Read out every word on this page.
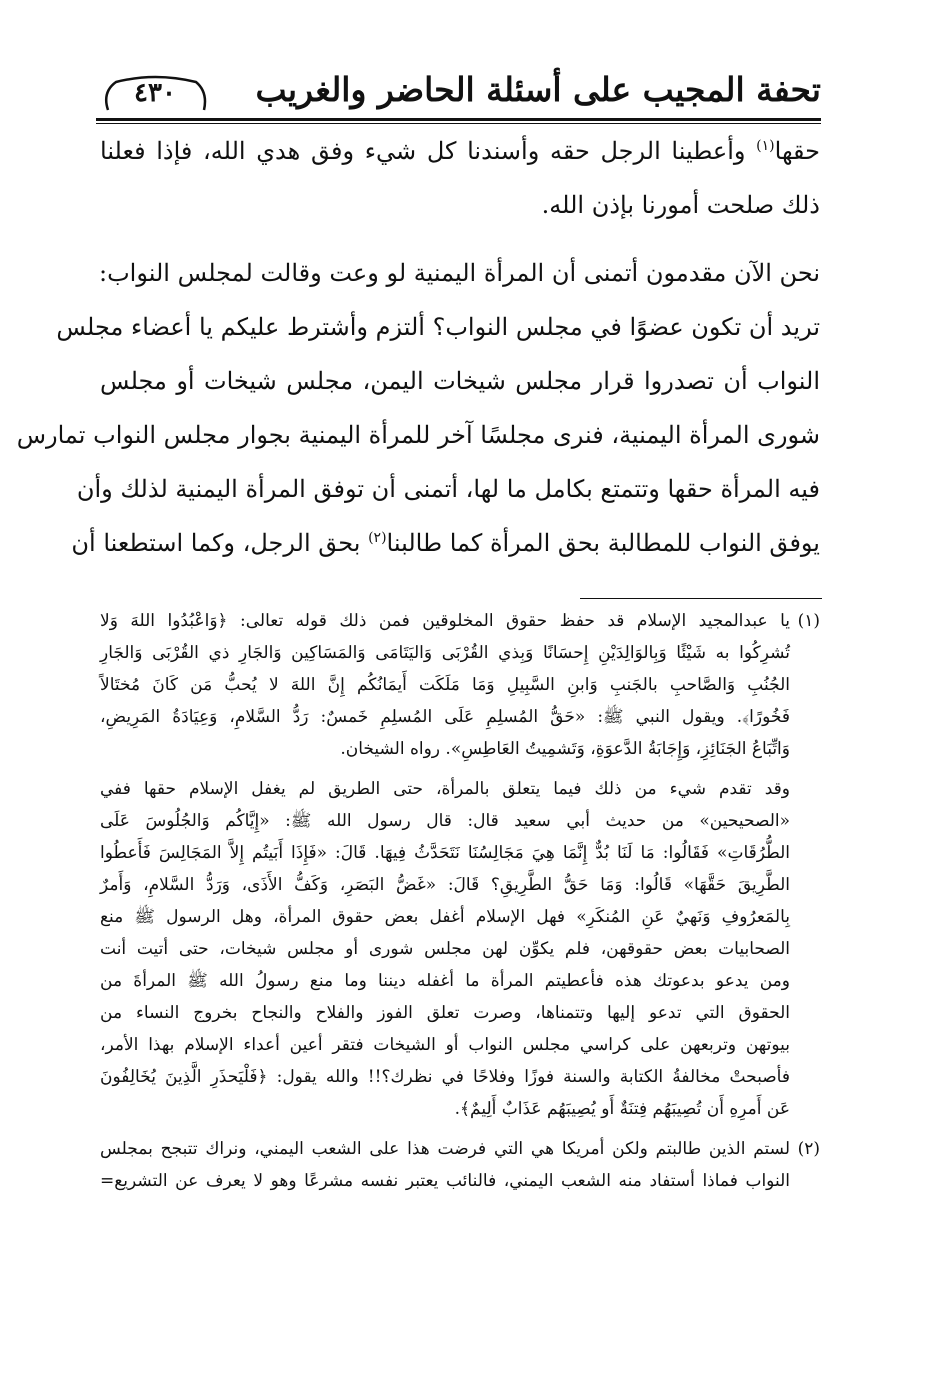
تحفة المجيب على أسئلة الحاضر والغريب
٤٣٠
حقها$^{(١)}$ وأعطينا الرجل حقه وأسندنا كل شيء وفق هدي الله، فإذا فعلنا
ذلك صلحت أمورنا بإذن الله.
نحن الآن مقدمون أتمنى أن المرأة اليمنية لو وعت وقالت لمجلس النواب:
تريد أن تكون عضوًا في مجلس النواب؟ ألتزم وأشترط عليكم يا أعضاء مجلس
النواب أن تصدروا قرار مجلس شيخات اليمن، مجلس شيخات أو مجلس
شورى المرأة اليمنية، فنرى مجلسًا آخر للمرأة اليمنية بجوار مجلس النواب تمارس
فيه المرأة حقها وتتمتع بكامل ما لها، أتمنى أن توفق المرأة اليمنية لذلك وأن
يوفق النواب للمطالبة بحق المرأة كما طالبنا$^{(٢)}$ بحق الرجل، وكما استطعنا أن
(١)
يا عبدالمجيد الإسلام قد حفظ حقوق المخلوقين فمن ذلك قوله تعالى: ﴿وَاعْبُدُوا اللهَ وَلا
تُشرِكُوا به شَيْئًا وَبِالوَالِدَيْنِ إِحسَانًا وَبِذي القُرْبَى وَاليَتَامَى وَالمَسَاكِين وَالجَارِ ذي القُرْبَى وَالجَارِ
الجُنُبِ وَالصَّاحبِ بالجَنبِ وَابنِ السَّبِيلِ وَمَا مَلَكَت أَيمَانُكُم إِنَّ اللهَ لا يُحبُّ مَن كَانَ مُختَالاً
فَخُورًا﴾. ويقول النبي ﷺ: «حَقُّ المُسلِمِ عَلَى المُسلِمِ خَمسٌ: رَدُّ السَّلامِ، وَعِيَادَةُ المَرِيضِ،
وَاتِّبَاعُ الجَنَائِزِ، وَإِجَابَةُ الدَّعوَةِ، وَتَشمِيتُ العَاطِسِ». رواه الشيخان.
وقد تقدم شيء من ذلك فيما يتعلق بالمرأة، حتى الطريق لم يغفل الإسلام حقها ففي
«الصحيحين» من حديث أبي سعيد قال: قال رسول الله ﷺ: «إِيَّاكُم وَالجُلُوسَ عَلَى
الطُّرُقَاتِ» فَقَالُوا: مَا لَنَا بُدٌّ إِنَّمَا هِيَ مَجَالِسُنَا نَتَحَدَّثُ فِيهَا. قَالَ: «فَإِذَا أَبَيتُم إِلاَّ المَجَالِسَ فَأَعطُوا
الطَّرِيقَ حَقَّهَا» قَالُوا: وَمَا حَقُّ الطَّرِيقِ؟ قَالَ: «غَضُّ البَصَرِ، وَكَفُّ الأَذَى، وَرَدُّ السَّلامِ، وَأَمرٌ
بِالمَعرُوفِ وَنَهيٌ عَنِ المُنكَرِ» فهل الإسلام أغفل بعض حقوق المرأة، وهل الرسول ﷺ منع
الصحابيات بعض حقوقهن، فلم يكوِّن لهن مجلس شورى أو مجلس شيخات، حتى أتيت أنت
ومن يدعو بدعوتك هذه فأعطيتم المرأة ما أغفله ديننا وما منع رسولُ الله ﷺ المرأةَ من
الحقوق التي تدعو إليها وتتمناها، وصرت تعلق الفوز والفلاح والنجاح بخروج النساء من
بيوتهن وتربعهن على كراسي مجلس النواب أو الشيخات فتقر أعين أعداء الإسلام بهذا الأمر،
فأصبحتْ مخالفةُ الكتابة والسنة فوزًا وفلاحًا في نظرك؟!! والله يقول: ﴿فَلْيَحذَرِ الَّذِينَ يُخَالِفُونَ
عَن أَمرِهِ أَن تُصِيبَهُم فِتنَةٌ أَو يُصِيبَهُم عَذَابٌ أَلِيمٌ﴾.
(٢)
لستم الذين طالبتم ولكن أمريكا هي التي فرضت هذا على الشعب اليمني، ونراك تتبجح بمجلس
النواب فماذا أستفاد منه الشعب اليمني، فالنائب يعتبر نفسه مشرعًا وهو لا يعرف عن التشريع=
